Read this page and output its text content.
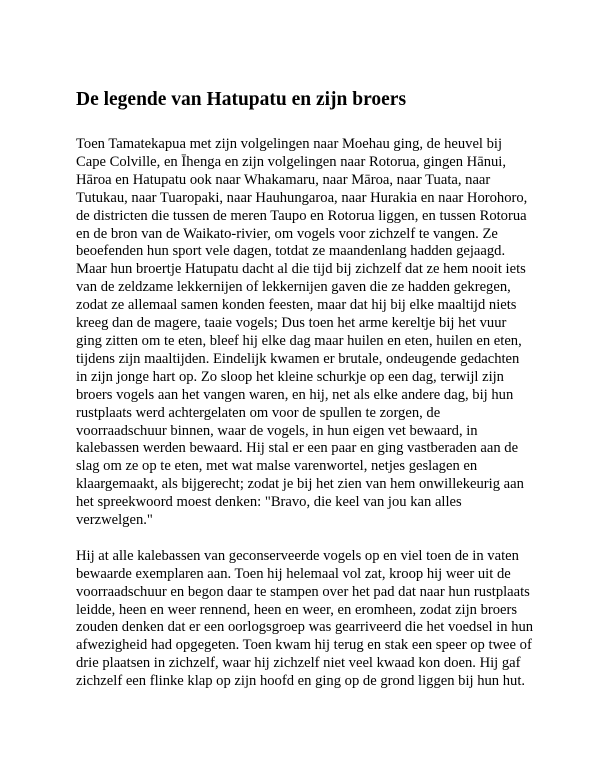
De legende van Hatupatu en zijn broers

Toen Tamatekapua met zijn volgelingen naar Moehau ging, de heuvel bij Cape Colville, en Īhenga en zijn volgelingen naar Rotorua, gingen Hānui, Hāroa en Hatupatu ook naar Whakamaru, naar Māroa, naar Tuata, naar Tutukau, naar Tuaropaki, naar Hauhungaroa, naar Hurakia en naar Horohoro, de districten die tussen de meren Taupo en Rotorua liggen, en tussen Rotorua en de bron van de Waikato-rivier, om vogels voor zichzelf te vangen. Ze beoefenden hun sport vele dagen, totdat ze maandenlang hadden gejaagd. Maar hun broertje Hatupatu dacht al die tijd bij zichzelf dat ze hem nooit iets van de zeldzame lekkernijen of lekkernijen gaven die ze hadden gekregen, zodat ze allemaal samen konden feesten, maar dat hij bij elke maaltijd niets kreeg dan de magere, taaie vogels; Dus toen het arme kereltje bij het vuur ging zitten om te eten, bleef hij elke dag maar huilen en eten, huilen en eten, tijdens zijn maaltijden. Eindelijk kwamen er brutale, ondeugende gedachten in zijn jonge hart op. Zo sloop het kleine schurkje op een dag, terwijl zijn broers vogels aan het vangen waren, en hij, net als elke andere dag, bij hun rustplaats werd achtergelaten om voor de spullen te zorgen, de voorraadschuur binnen, waar de vogels, in hun eigen vet bewaard, in kalebassen werden bewaard. Hij stal er een paar en ging vastberaden aan de slag om ze op te eten, met wat malse varenwortel, netjes geslagen en klaargemaakt, als bijgerecht; zodat je bij het zien van hem onwillekeurig aan het spreekwoord moest denken: "Bravo, die keel van jou kan alles verzwelgen."

Hij at alle kalebassen van geconserveerde vogels op en viel toen de in vaten bewaarde exemplaren aan. Toen hij helemaal vol zat, kroop hij weer uit de voorraadschuur en begon daar te stampen over het pad dat naar hun rustplaats leidde, heen en weer rennend, heen en weer, en eromheen, zodat zijn broers zouden denken dat er een oorlogsgroep was gearriveerd die het voedsel in hun afwezigheid had opgegeten. Toen kwam hij terug en stak een speer op twee of drie plaatsen in zichzelf, waar hij zichzelf niet veel kwaad kon doen. Hij gaf zichzelf een flinke klap op zijn hoofd en ging op de grond liggen bij hun hut.
